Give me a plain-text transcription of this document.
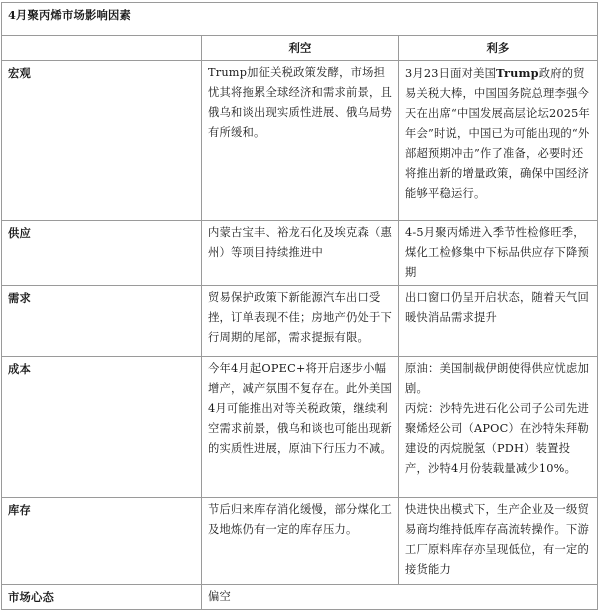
4月聚丙烯市场影响因素		
	利空	利多
宏观	Trump加征关税政策发酵，市场担忧其将拖累全球经济和需求前景，且俄乌和谈出现实质性进展、俄乌局势有所缓和。	3月23日面对美国Trump政府的贸易关税大棒，中国国务院总理李强今天在出席“中国发展高层论坛2025年年会”时说，中国已为可能出现的“外部超预期冲击”作了准备，必要时还将推出新的增量政策，确保中国经济能够平稳运行。
供应	内蒙古宝丰、裕龙石化及埃克森（惠州）等项目持续推进中	4-5月聚丙烯进入季节性检修旺季，煤化工检修集中下标品供应存下降预期
需求	贸易保护政策下新能源汽车出口受挫，订单表现不佳；房地产仍处于下行周期的尾部，需求提振有限。	出口窗口仍呈开启状态，随着天气回暖快消品需求提升
成本	今年4月起OPEC+将开启逐步小幅增产，减产氛围不复存在。此外美国4月可能推出对等关税政策，继续利空需求前景，俄乌和谈也可能出现新的实质性进展，原油下行压力不减。	原油：美国制裁伊朗使得供应忧虑加剧。
丙烷：沙特先进石化公司子公司先进聚烯烃公司（APOC）在沙特朱拜勒建设的丙烷脱氢（PDH）装置投产，沙特4月份装载量减少10%。

库存	节后归来库存消化缓慢，部分煤化工及地炼仍有一定的库存压力。	快进快出模式下，生产企业及一级贸易商均维持低库存高流转操作。下游工厂原料库存亦呈现低位，有一定的接货能力
市场心态	偏空	
